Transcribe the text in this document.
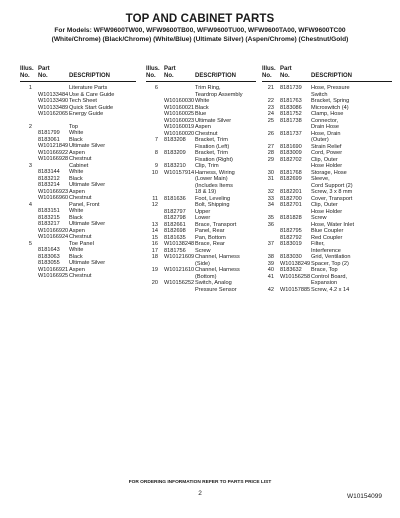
TOP AND CABINET PARTS
For Models: WFW9600TW00, WFW9600TB00, WFW9600TU00, WFW9600TA00, WFW9600TC00
(White/Chrome) (Black/Chrome) (White/Blue) (Ultimate Silver) (Aspen/Chrome) (Chestnut/Gold)
Illus.
No.
Part
No.
	DESCRIPTION
1	Literature Parts
W10133484 Use & Care Guide
W10133490 Tech Sheet
W10133489 Quick Start Guide
W10162065 Energy Guide
2	Top
8181799	White
8183061	Black
W10121849 Ultimate Silver
W10166922 Aspen
W10166928 Chestnut
3	Cabinet
8183144	White
8183212	Black
8183214	Ultimate Silver
W10166923 Aspen
W10166960 Chestnut
4	Panel, Front
8183151	White
8183215	Black
8183217	Ultimate Silver
W10166920 Aspen
W10166924 Chestnut
5	Toe Panel
8181643	White
8183063	Black
8183055	Ultimate Silver
W10166921 Aspen
W10166925 Chestnut
Illus.
No.
Part
No.
	DESCRIPTION
6	Trim Ring,
Teardrop Assembly
W10160030 White
W10160021 Black
W10160025 Blue
W10160023 Ultimate Silver
W10160019 Aspen
W10160020 Chestnut
7	8183208	Bracket, Trim
Fixation (Left)
8	8183209	Bracket, Trim
Fixation (Right)
9	8183210	Clip, Trim
10	W10157914 Harness, Wiring
(Lower Main)
(Includes Items
18 & 19)
11	8181636	Foot, Leveling
12	Bolt, Shipping
8182797	Upper
8182798	Lower
13	8182661	Brace, Transport
14	8182698	Panel, Rear
15	8181635	Pan, Bottom
16	W10138248 Brace, Rear
17	8181756	Screw
18	W10121609 Channel, Harness
(Side)
19	W10121610 Channel, Harness
(Bottom)
20	W10156252 Switch, Analog
Pressure Sensor
Illus.
No.
Part
No.
	DESCRIPTION
21	8181739	Hose, Pressure
Switch
22	8181763	Bracket, Spring
23	8183086	Microswitch (4)
24	8181752	Clamp, Hose
25	8181738	Connector,
Drain Hose
26	8181737	Hose, Drain
(Outer)
27	8181690	Strain Relief
28	8183009	Cord, Power
29	8182702	Clip, Outer
Hose Holder
30	8181768	Storage, Hose
31	8182699	Sleeve,
Cord Support (2)
32	8182201	Screw, 3 x 8 mm
33	8182700	Cover, Transport
34	8182701	Clip, Outer
Hose Holder
35	8181828	Screw
36	Hose, Water Inlet
8182795	Blue Coupler
8182792	Red Coupler
37	8183019	Filter,
Interference
38	8183030	Grid, Ventilation
39	W10138249 Spacer, Top (2)
40	8183632	Brace, Top
41	W10156258 Control Board,
Expansion
42	W10157885 Screw, 4.2 x 14
FOR ORDERING INFORMATION REFER TO PARTS PRICE LIST
2	W10154099
